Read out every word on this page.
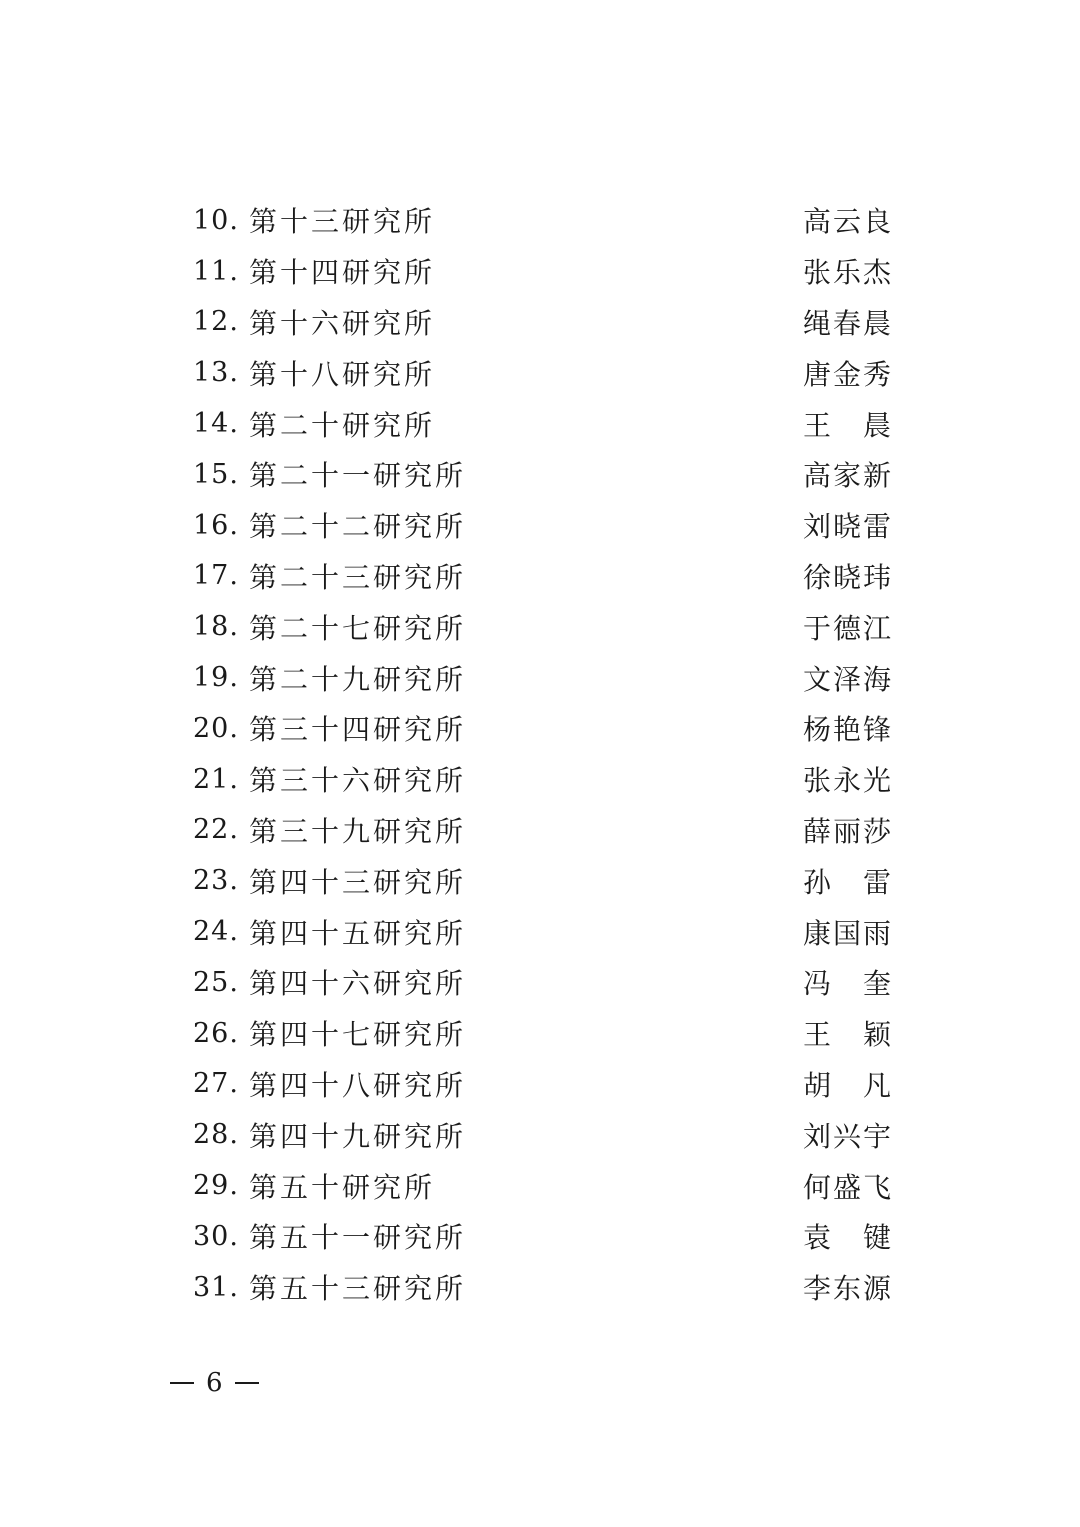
10. 第十三研究所	高云良
11. 第十四研究所	张乐杰
12. 第十六研究所	绳春晨
13. 第十八研究所	唐金秀
14. 第二十研究所	王　晨
15. 第二十一研究所	高家新
16. 第二十二研究所	刘晓雷
17. 第二十三研究所	徐晓玮
18. 第二十七研究所	于德江
19. 第二十九研究所	文泽海
20. 第三十四研究所	杨艳锋
21. 第三十六研究所	张永光
22. 第三十九研究所	薛丽莎
23. 第四十三研究所	孙　雷
24. 第四十五研究所	康国雨
25. 第四十六研究所	冯　奎
26. 第四十七研究所	王　颖
27. 第四十八研究所	胡　凡
28. 第四十九研究所	刘兴宇
29. 第五十研究所	何盛飞
30. 第五十一研究所	袁　键
31. 第五十三研究所	李东源
6
